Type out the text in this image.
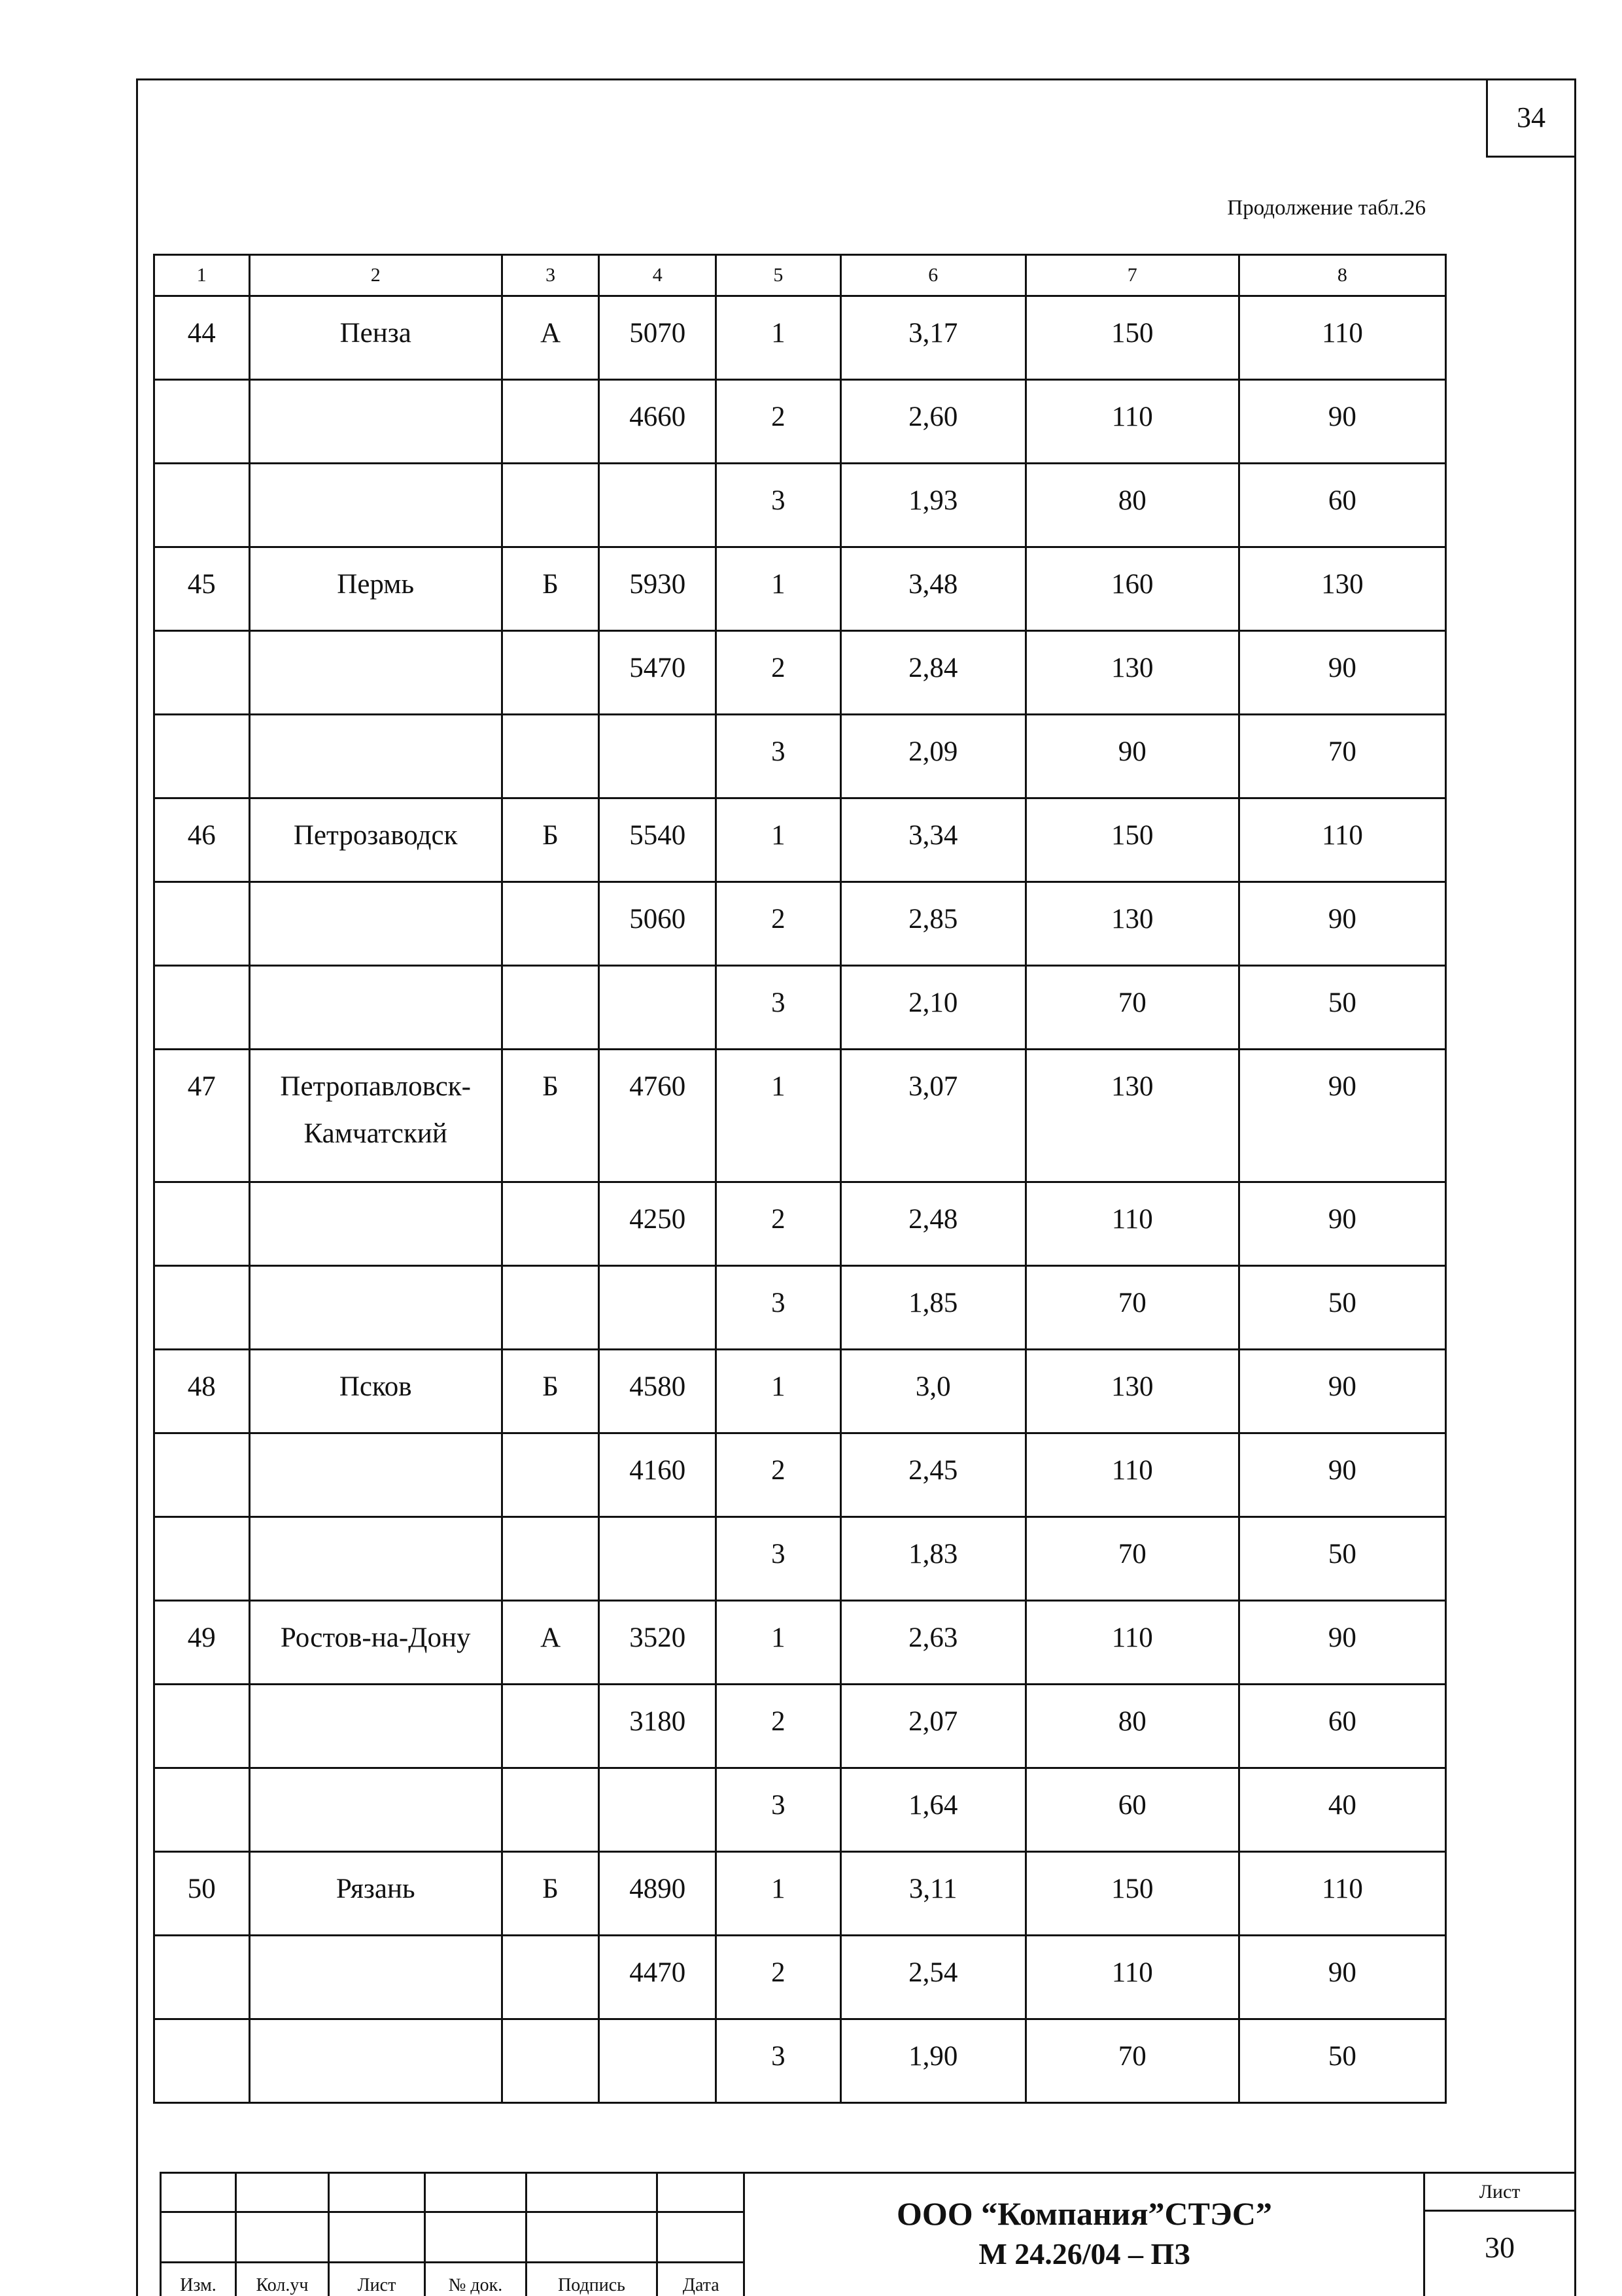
34
Продолжение табл.26
1	2	3	4	5	6	7	8
44	Пенза	А	5070	1	3,17	150	110
			4660	2	2,60	110	90
				3	1,93	80	60
45	Пермь	Б	5930	1	3,48	160	130
			5470	2	2,84	130	90
				3	2,09	90	70
46	Петрозаводск	Б	5540	1	3,34	150	110
			5060	2	2,85	130	90
				3	2,10	70	50
47	Петропавловск-Камчатский	Б	4760	1	3,07	130	90
			4250	2	2,48	110	90
				3	1,85	70	50
48	Псков	Б	4580	1	3,0	130	90
			4160	2	2,45	110	90
				3	1,83	70	50
49	Ростов-на-Дону	А	3520	1	2,63	110	90
			3180	2	2,07	80	60
				3	1,64	60	40
50	Рязань	Б	4890	1	3,11	150	110
			4470	2	2,54	110	90
				3	1,90	70	50

Изм.	Кол.уч	Лист	№ док.	Подпись	Дата
ООО “Компания”СТЭС”
М 24.26/04 – ПЗ
Лист
30
